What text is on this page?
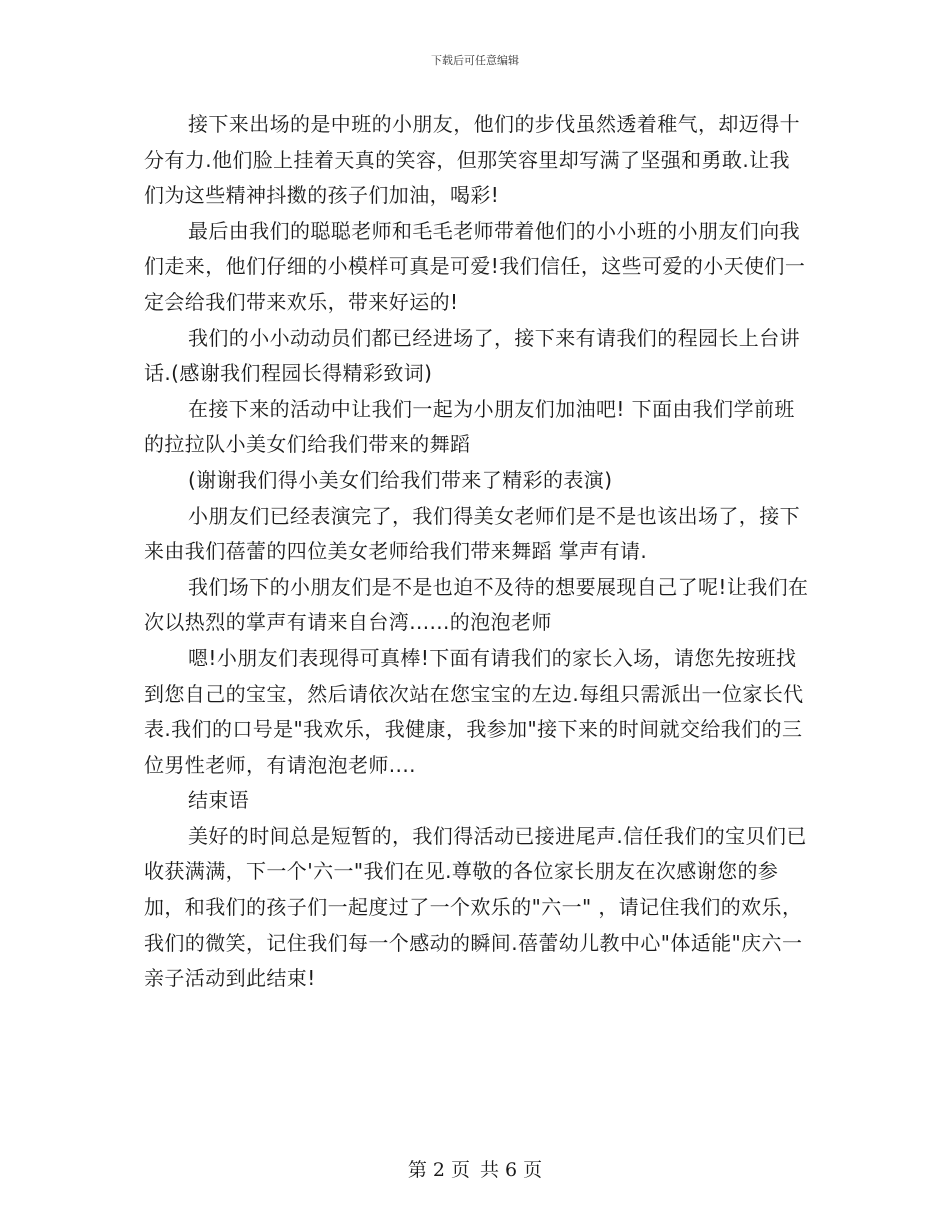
下载后可任意编辑

接下来出场的是中班的小朋友，他们的步伐虽然透着稚气，却迈得十分有力.他们脸上挂着天真的笑容，但那笑容里却写满了坚强和勇敢.让我们为这些精神抖擞的孩子们加油，喝彩!

最后由我们的聪聪老师和毛毛老师带着他们的小小班的小朋友们向我们走来，他们仔细的小模样可真是可爱!我们信任，这些可爱的小天使们一定会给我们带来欢乐，带来好运的!

我们的小小动动员们都已经进场了，接下来有请我们的程园长上台讲话.(感谢我们程园长得精彩致词)

在接下来的活动中让我们一起为小朋友们加油吧! 下面由我们学前班的拉拉队小美女们给我们带来的舞蹈

(谢谢我们得小美女们给我们带来了精彩的表演)

小朋友们已经表演完了，我们得美女老师们是不是也该出场了，接下来由我们蓓蕾的四位美女老师给我们带来舞蹈 掌声有请.

我们场下的小朋友们是不是也迫不及待的想要展现自己了呢!让我们在次以热烈的掌声有请来自台湾......的泡泡老师

嗯!小朋友们表现得可真棒!下面有请我们的家长入场，请您先按班找到您自己的宝宝，然后请依次站在您宝宝的左边.每组只需派出一位家长代表.我们的口号是"我欢乐，我健康，我参加"接下来的时间就交给我们的三位男性老师，有请泡泡老师....

结束语

美好的时间总是短暂的，我们得活动已接进尾声.信任我们的宝贝们已收获满满，下一个'六一"我们在见.尊敬的各位家长朋友在次感谢您的参加，和我们的孩子们一起度过了一个欢乐的"六一" ，请记住我们的欢乐，我们的微笑，记住我们每一个感动的瞬间.蓓蕾幼儿教中心"体适能"庆六一亲子活动到此结束!

第 2 页 共 6 页
